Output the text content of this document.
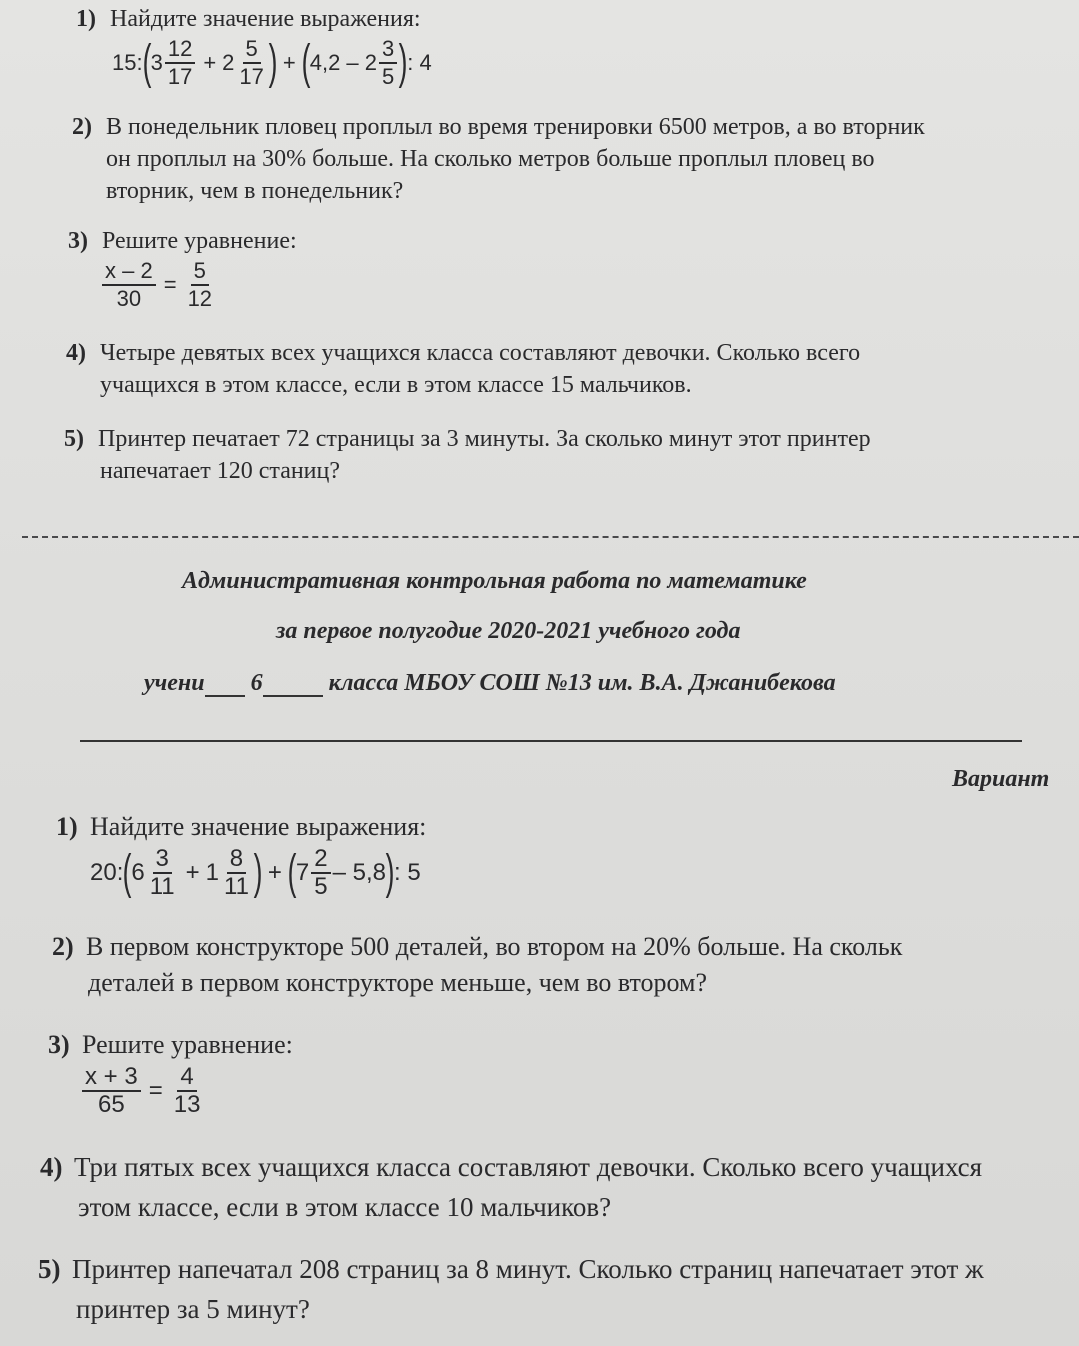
1) Найдите значение выражения:
15: ( $3 \frac{12}{17} + 2 \frac{5}{17}$ ) + ( $4,2 - 2 \frac{3}{5}$ ) : 4
2) В понедельник пловец проплыл во время тренировки 6500 метров, а во вторник
он проплыл на 30% больше. На сколько метров больше проплыл пловец во
вторник, чем в понедельник?
3) Решите уравнение:
$\frac{x - 2}{30} = \frac{5}{12}$
4) Четыре девятых всех учащихся класса составляют девочки. Сколько всего
учащихся в этом классе, если в этом классе 15 мальчиков.
5) Принтер печатает 72 страницы за 3 минуты. За сколько минут этот принтер
напечатает 120 станиц?
Административная контрольная работа по математике
за первое полугодие 2020-2021 учебного года
учени 6	класса МБОУ СОШ №13 им. В.А. Джанибекова
Вариант
1) Найдите значение выражения:
20: ( $6 \frac{3}{11} + 1 \frac{8}{11}$ ) + ( $7 \frac{2}{5} - 5,8$ ) : 5
2) В первом конструкторе 500 деталей, во втором на 20% больше. На скольк
деталей в первом конструкторе меньше, чем во втором?
3) Решите уравнение:
$\frac{x + 3}{65} = \frac{4}{13}$
4) Три пятых всех учащихся класса составляют девочки. Сколько всего учащихся
этом классе, если в этом классе 10 мальчиков?
5) Принтер напечатал 208 страниц за 8 минут. Сколько страниц напечатает этот ж
принтер за 5 минут?
